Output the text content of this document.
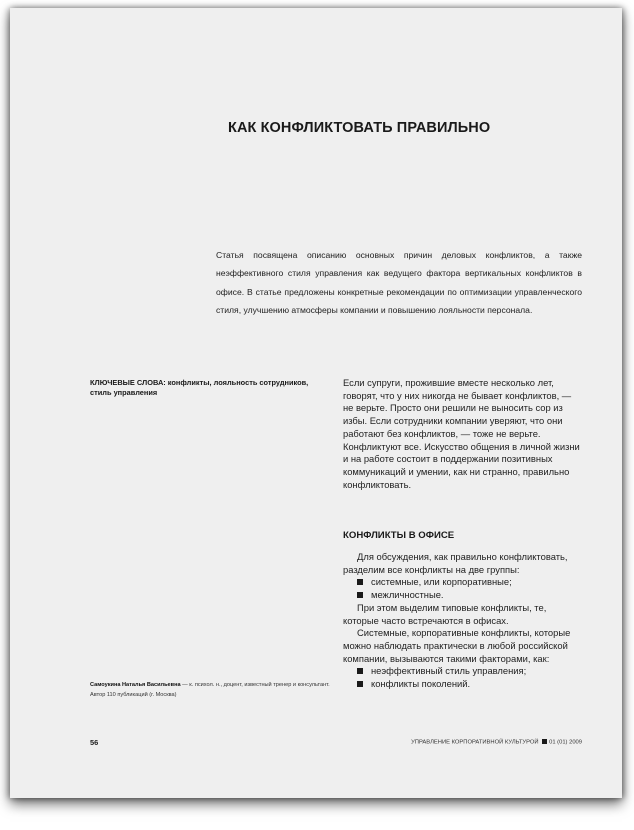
КАК КОНФЛИКТОВАТЬ ПРАВИЛЬНО
Статья посвящена описанию основных причин деловых конфликтов, а также неэффективного стиля управления как ведущего фактора вертикальных конфликтов в офисе. В статье предложены конкретные рекомендации по оптимизации управленческого стиля, улучшению атмосферы компании и повышению лояльности персонала.
КЛЮЧЕВЫЕ СЛОВА: конфликты, лояльность сотрудников, стиль управления

Если супруги, прожившие вместе несколько лет, говорят, что у них никогда не бывает конфликтов, — не верьте. Просто они решили не выносить сор из избы. Если сотрудники компании уверяют, что они работают без конфликтов, — тоже не верьте. Конфликтуют все. Искусство общения в личной жизни и на работе состоит в поддержании позитивных коммуникаций и умении, как ни странно, правильно конфликтовать.

КОНФЛИКТЫ В ОФИСЕ

Для обсуждения, как правильно конфликтовать, разделим все конфликты на две группы:

системные, или корпоративные;
межличностные.

При этом выделим типовые конфликты, те, которые часто встречаются в офисах.

Системные, корпоративные конфликты, которые можно наблюдать практически в любой российской компании, вызываются такими факторами, как:

неэффективный стиль управления;
конфликты поколений.
Самоукина Наталья Васильевна — к. психол. н., доцент, известный тренер и консультант. Автор 110 публикаций (г. Москва)
56	УПРАВЛЕНИЕ КОРПОРАТИВНОЙ КУЛЬТУРОЙ 01 (01) 2009
